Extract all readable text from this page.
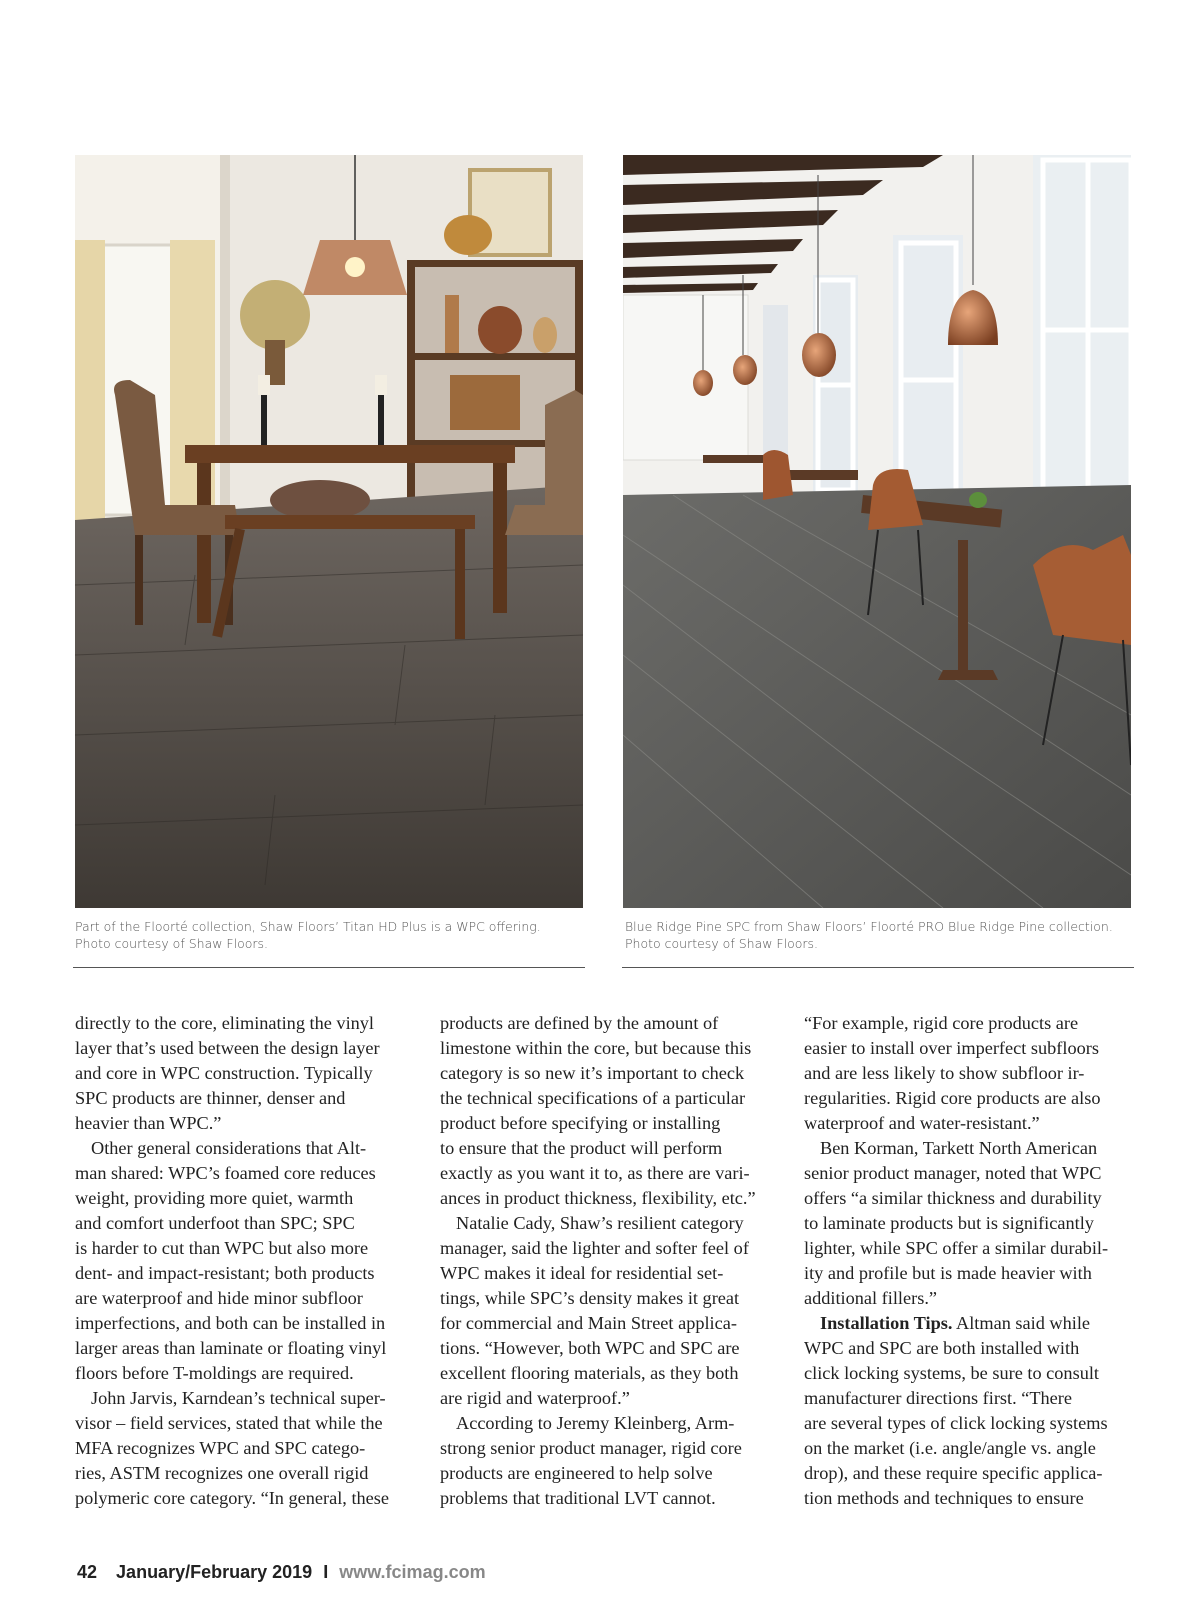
Part of the Floorté collection, Shaw Floors’ Titan HD Plus is a WPC offering.

Photo courtesy of Shaw Floors.

Blue Ridge Pine SPC from Shaw Floors’ Floorté PRO Blue Ridge Pine collection.

Photo courtesy of Shaw Floors.

directly to the core, eliminating the vinyl

layer that’s used between the design layer

and core in WPC construction. Typically

SPC products are thinner, denser and

heavier than WPC.”

Other general considerations that Alt-

man shared: WPC’s foamed core reduces

weight, providing more quiet, warmth

and comfort underfoot than SPC; SPC

is harder to cut than WPC but also more

dent- and impact-resistant; both products

are waterproof and hide minor subfloor

imperfections, and both can be installed in

larger areas than laminate or floating vinyl

floors before T-moldings are required.

John Jarvis, Karndean’s technical super-

visor – field services, stated that while the

MFA recognizes WPC and SPC catego-

ries, ASTM recognizes one overall rigid

polymeric core category. “In general, these

products are defined by the amount of

limestone within the core, but because this

category is so new it’s important to check

the technical specifications of a particular

product before specifying or installing

to ensure that the product will perform

exactly as you want it to, as there are vari-

ances in product thickness, flexibility, etc.”

Natalie Cady, Shaw’s resilient category

manager, said the lighter and softer feel of

WPC makes it ideal for residential set-

tings, while SPC’s density makes it great

for commercial and Main Street applica-

tions. “However, both WPC and SPC are

excellent flooring materials, as they both

are rigid and waterproof.”

According to Jeremy Kleinberg, Arm-

strong senior product manager, rigid core

products are engineered to help solve

problems that traditional LVT cannot.

“For example, rigid core products are

easier to install over imperfect subfloors

and are less likely to show subfloor ir-

regularities. Rigid core products are also

waterproof and water-resistant.”

Ben Korman, Tarkett North American

senior product manager, noted that WPC

offers “a similar thickness and durability

to laminate products but is significantly

lighter, while SPC offer a similar durabil-

ity and profile but is made heavier with

additional fillers.”

Installation Tips. Altman said while

WPC and SPC are both installed with

click locking systems, be sure to consult

manufacturer directions first. “There

are several types of click locking systems

on the market (i.e. angle/angle vs. angle

drop), and these require specific applica-

tion methods and techniques to ensure

42 January/February 2019 I www.fcimag.com
